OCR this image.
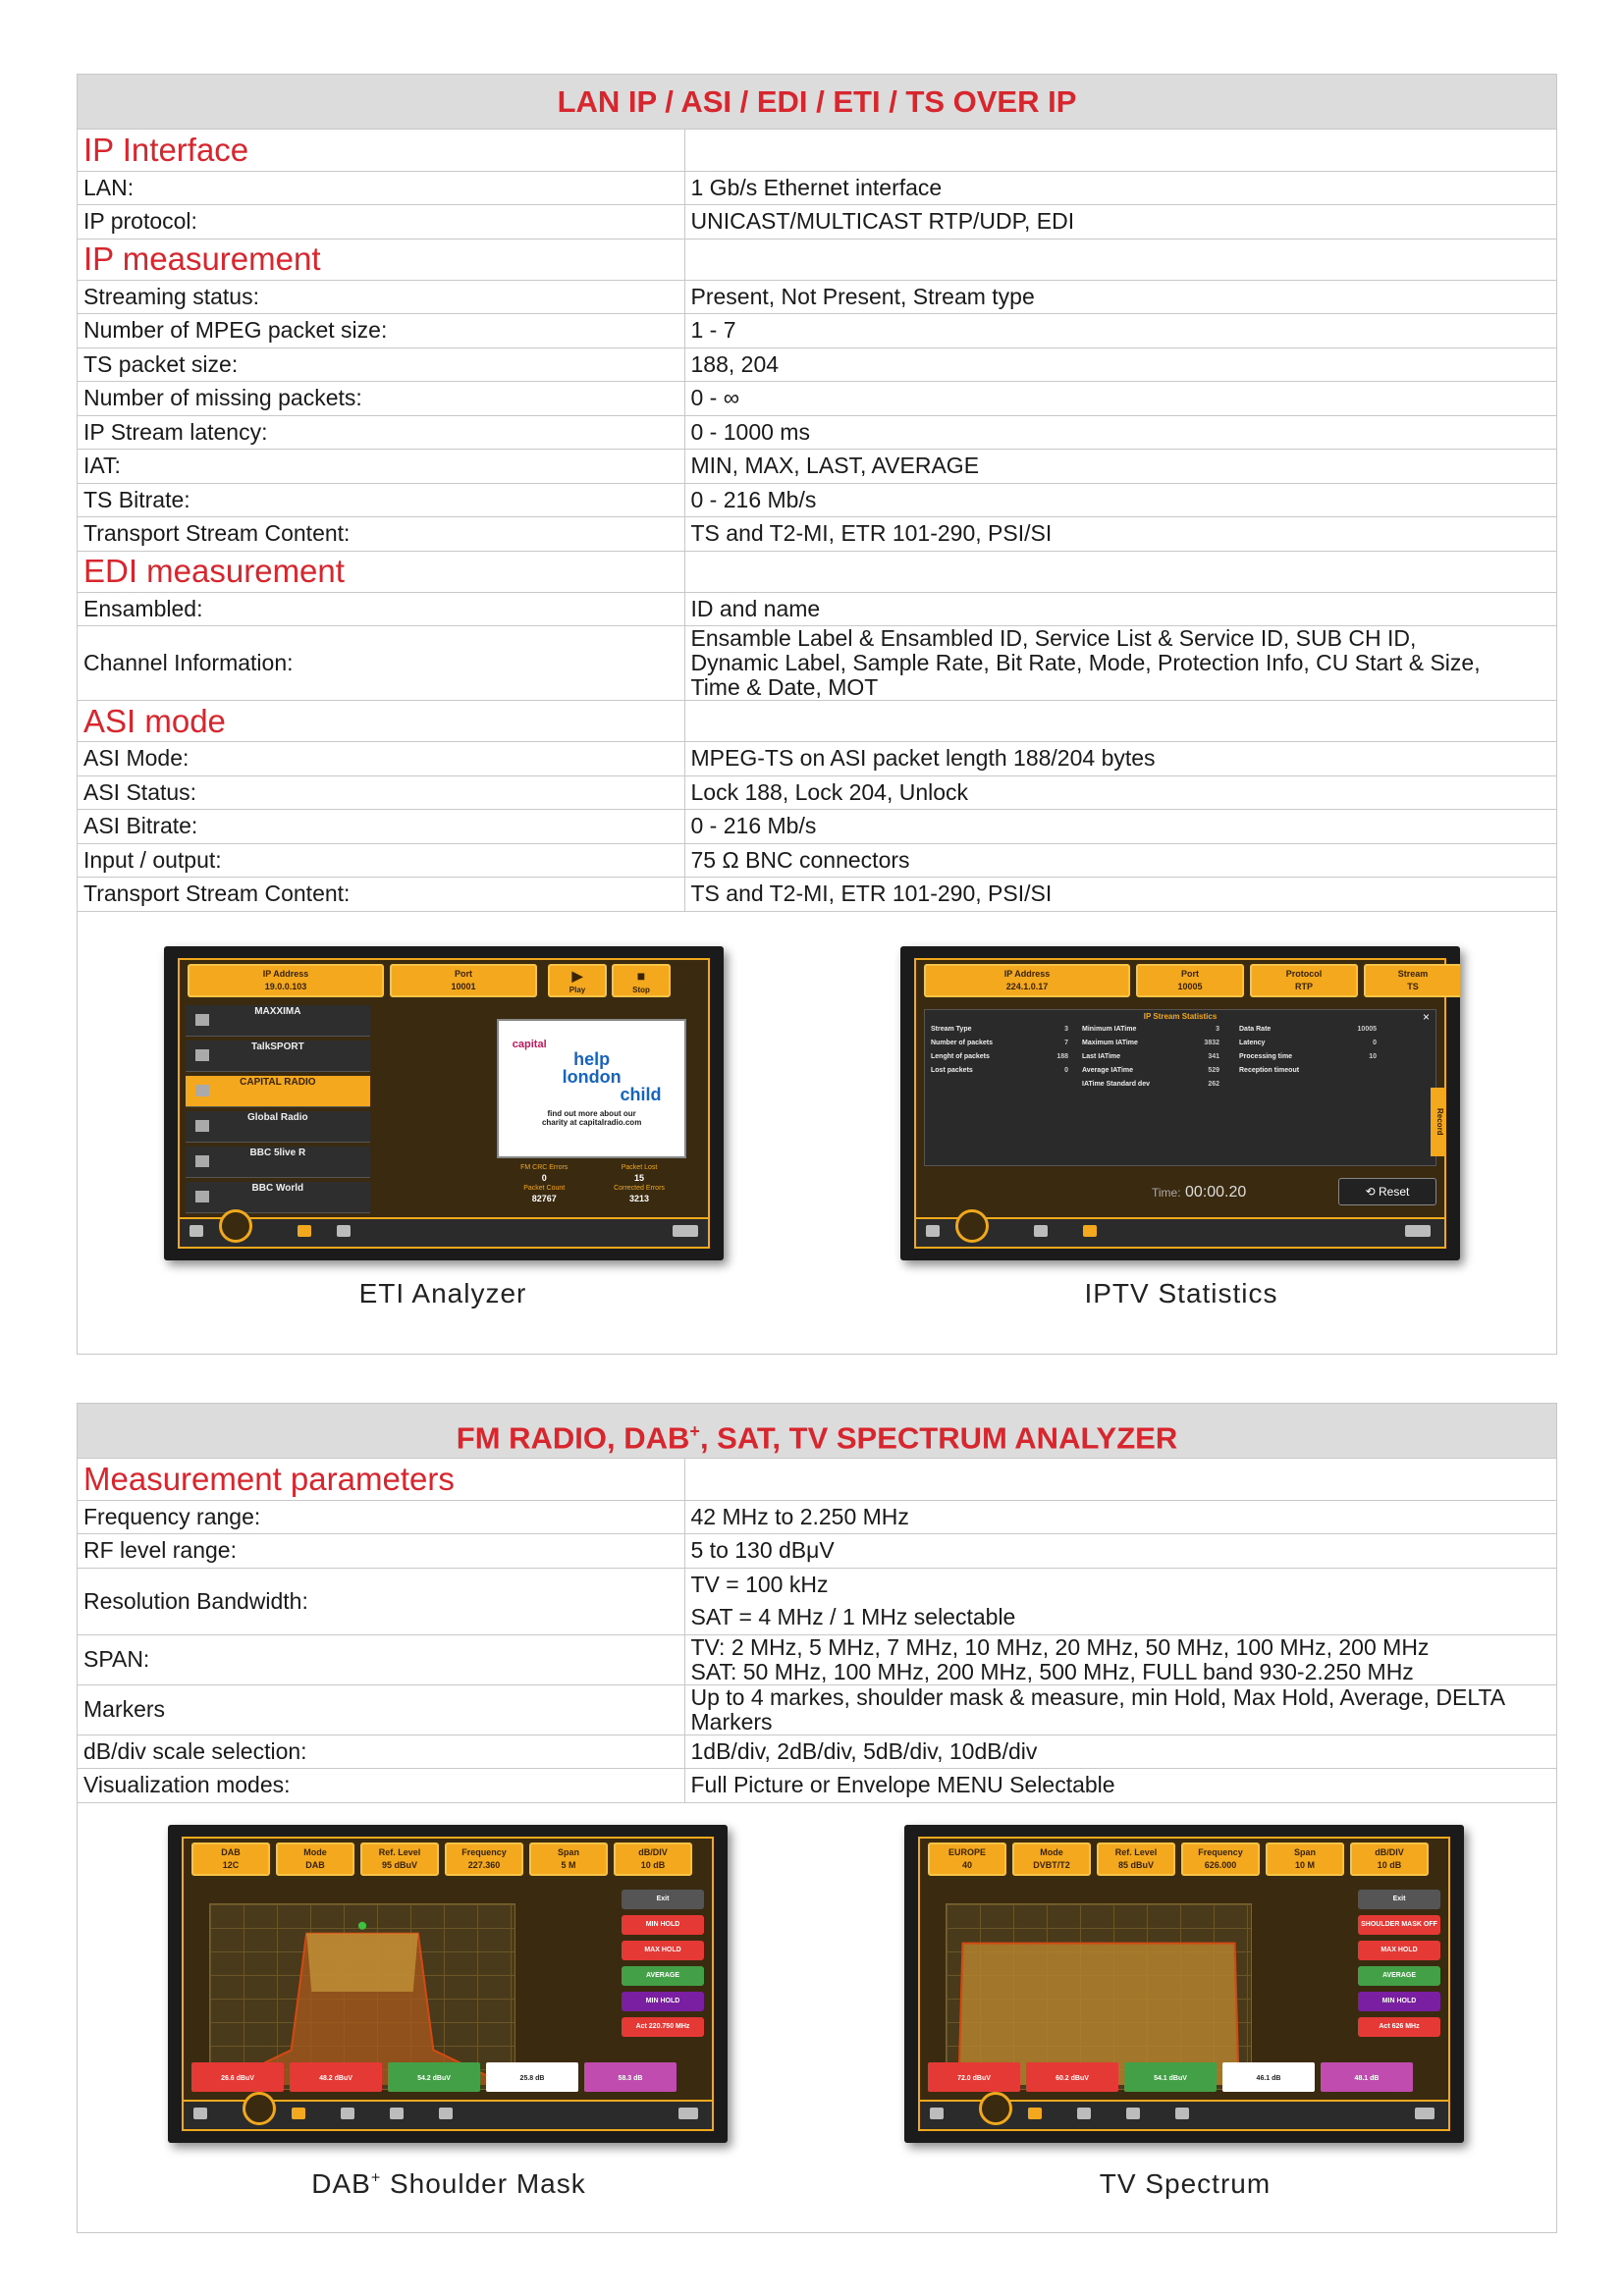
LAN IP / ASI / EDI / ETI / TS OVER IP
IP Interface	
LAN:	1 Gb/s Ethernet interface
IP protocol:	UNICAST/MULTICAST RTP/UDP, EDI
IP measurement	
Streaming status:	Present, Not Present, Stream type
Number of MPEG packet size:	1 - 7
TS packet size:	188, 204
Number of missing packets:	0 - ∞
IP Stream latency:	0 - 1000 ms
IAT:	MIN, MAX, LAST, AVERAGE
TS Bitrate:	0 - 216 Mb/s
Transport Stream Content:	TS and T2-MI, ETR 101-290, PSI/SI
EDI measurement	
Ensambled:	ID and name
Channel Information:	Ensamble Label & Ensambled ID, Service List & Service ID, SUB CH ID, Dynamic Label, Sample Rate, Bit Rate, Mode, Protection Info, CU Start & Size, Time & Date, MOT
ASI mode	
ASI Mode:	MPEG-TS on ASI packet length 188/204 bytes
ASI Status:	Lock 188, Lock 204, Unlock
ASI Bitrate:	0 - 216 Mb/s
Input / output:	75 Ω BNC connectors
Transport Stream Content:	TS and T2-MI, ETR 101-290, PSI/SI
IP Address
19.0.0.103
Port
10001
▶
Play
■
Stop
MAXXIMA

TalkSPORT

CAPITAL RADIO

Global Radio

BBC 5live R

BBC World

capital
help
london
child
find out more about our
charity at capitalradio.com
FM CRC Errors	Packet Lost
0	15
Packet Count	Corrected Errors
82767	3213
ETI Analyzer
IP Address
224.1.0.17
Port
10005
Protocol
RTP
Stream
TS
IP Stream Statistics	×
Stream Type	3
Number of packets	7
Lenght of packets	188
Lost packets	0
Minimum IATime	3
Maximum IATime	3832
Last IATime	341
Average IATime	529
IATime Standard dev	262
Data Rate	10005
Latency	0
Processing time	10
Reception timeout
Record
Time: 00:00.20	⟲ Reset
IPTV Statistics
FM RADIO, DAB+, SAT, TV SPECTRUM ANALYZER
Measurement parameters	
Frequency range:	42 MHz to 2.250 MHz
RF level range:	5 to 130 dBμV
Resolution Bandwidth:	TV = 100 kHz
SAT = 4 MHz / 1 MHz selectable

SPAN:	TV: 2 MHz, 5 MHz, 7 MHz, 10 MHz, 20 MHz, 50 MHz, 100 MHz, 200 MHz
SAT: 50 MHz, 100 MHz, 200 MHz, 500 MHz, FULL band 930-2.250 MHz

Markers	Up to 4 markes, shoulder mask & measure, min Hold, Max Hold, Average, DELTA Markers
dB/div scale selection:	1dB/div, 2dB/div, 5dB/div, 10dB/div
Visualization modes:	Full Picture or Envelope MENU Selectable
DAB
12C
Mode
DAB
Ref. Level
95 dBuV
Frequency
227.360
Span
5 M
dB/DIV
10 dB
Exit
MIN HOLD
MAX HOLD
AVERAGE
MIN HOLD
Act 220.750 MHz
26.6 dBuV	48.2 dBuV	54.2 dBuV	25.8 dB	58.3 dB
DAB+ Shoulder Mask
EUROPE
40
Mode
DVBT/T2
Ref. Level
85 dBuV
Frequency
626.000
Span
10 M
dB/DIV
10 dB
Exit
SHOULDER MASK OFF
MAX HOLD
AVERAGE
MIN HOLD
Act 626 MHz
72.0 dBuV	60.2 dBuV	54.1 dBuV	46.1 dB	48.1 dB
TV Spectrum
